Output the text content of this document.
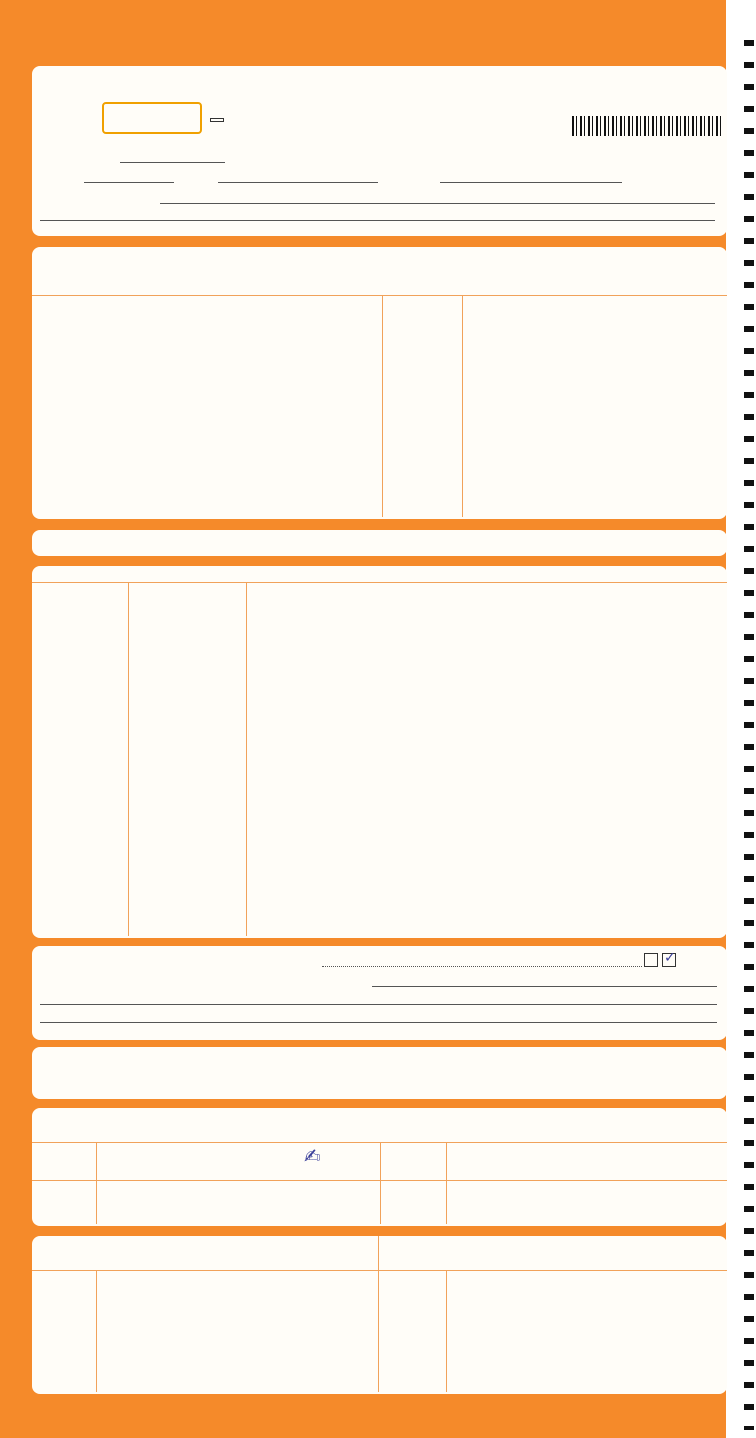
✓
✍
